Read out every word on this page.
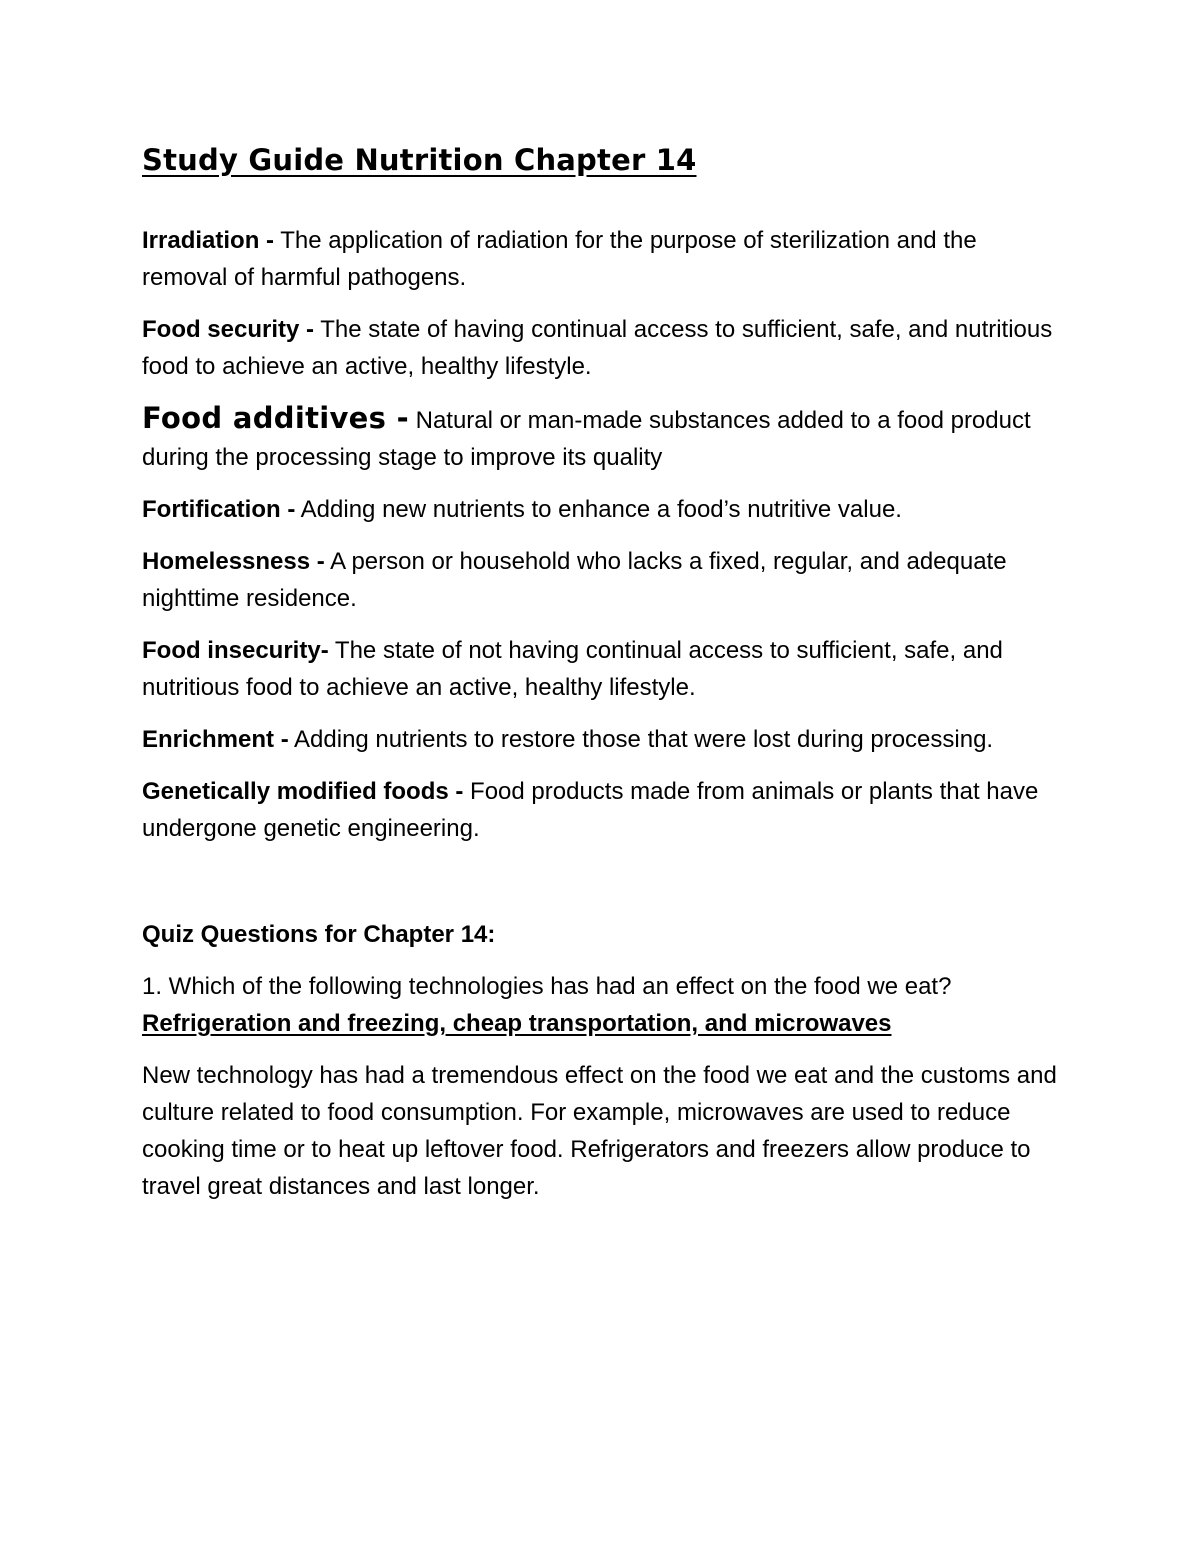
Study Guide Nutrition Chapter 14

Irradiation - The application of radiation for the purpose of sterilization and the removal of harmful pathogens.

Food security - The state of having continual access to sufficient, safe, and nutritious food to achieve an active, healthy lifestyle.

Food additives - Natural or man-made substances added to a food product during the processing stage to improve its quality

Fortification - Adding new nutrients to enhance a food’s nutritive value.

Homelessness - A person or household who lacks a fixed, regular, and adequate nighttime residence.

Food insecurity- The state of not having continual access to sufficient, safe, and nutritious food to achieve an active, healthy lifestyle.

Enrichment - Adding nutrients to restore those that were lost during processing.

Genetically modified foods - Food products made from animals or plants that have undergone genetic engineering.

Quiz Questions for Chapter 14:

1. Which of the following technologies has had an effect on the food we eat? Refrigeration and freezing, cheap transportation, and microwaves

New technology has had a tremendous effect on the food we eat and the customs and culture related to food consumption. For example, microwaves are used to reduce cooking time or to heat up leftover food. Refrigerators and freezers allow produce to travel great distances and last longer.
